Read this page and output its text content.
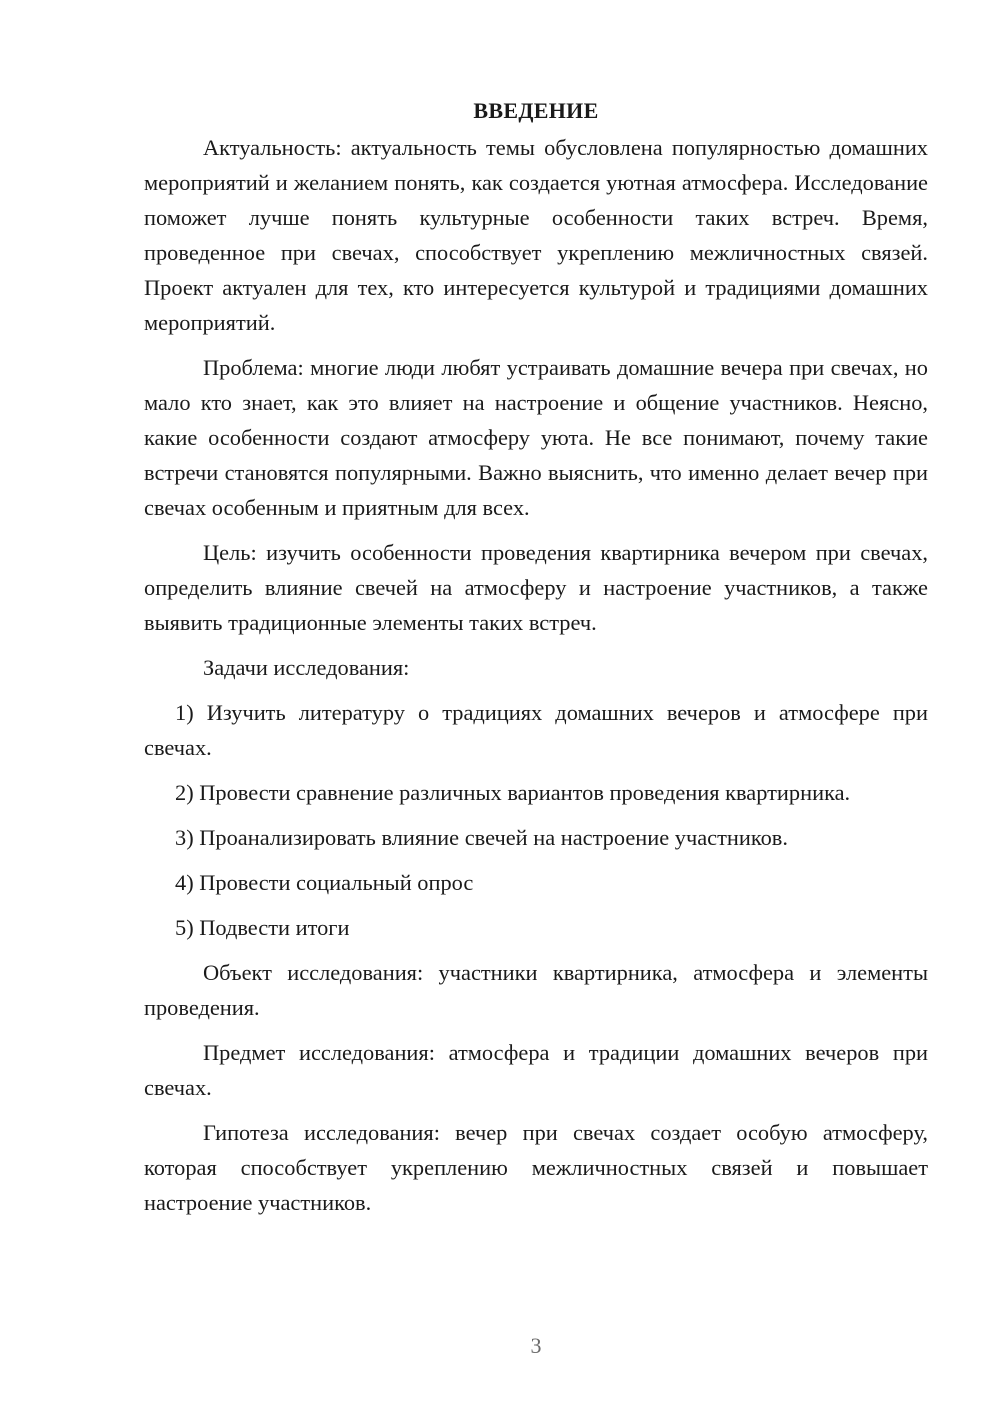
ВВЕДЕНИЕ

Актуальность: актуальность темы обусловлена популярностью домашних мероприятий и желанием понять, как создается уютная атмосфера. Исследование поможет лучше понять культурные особенности таких встреч. Время, проведенное при свечах, способствует укреплению межличностных связей. Проект актуален для тех, кто интересуется культурой и традициями домашних мероприятий.

Проблема: многие люди любят устраивать домашние вечера при свечах, но мало кто знает, как это влияет на настроение и общение участников. Неясно, какие особенности создают атмосферу уюта. Не все понимают, почему такие встречи становятся популярными. Важно выяснить, что именно делает вечер при свечах особенным и приятным для всех.

Цель: изучить особенности проведения квартирника вечером при свечах, определить влияние свечей на атмосферу и настроение участников, а также выявить традиционные элементы таких встреч.

Задачи исследования:

1) Изучить литературу о традициях домашних вечеров и атмосфере при свечах.

2) Провести сравнение различных вариантов проведения квартирника.

3) Проанализировать влияние свечей на настроение участников.

4) Провести социальный опрос

5) Подвести итоги

Объект исследования: участники квартирника, атмосфера и элементы проведения.

Предмет исследования: атмосфера и традиции домашних вечеров при свечах.

Гипотеза исследования: вечер при свечах создает особую атмосферу, которая способствует укреплению межличностных связей и повышает настроение участников.

3
